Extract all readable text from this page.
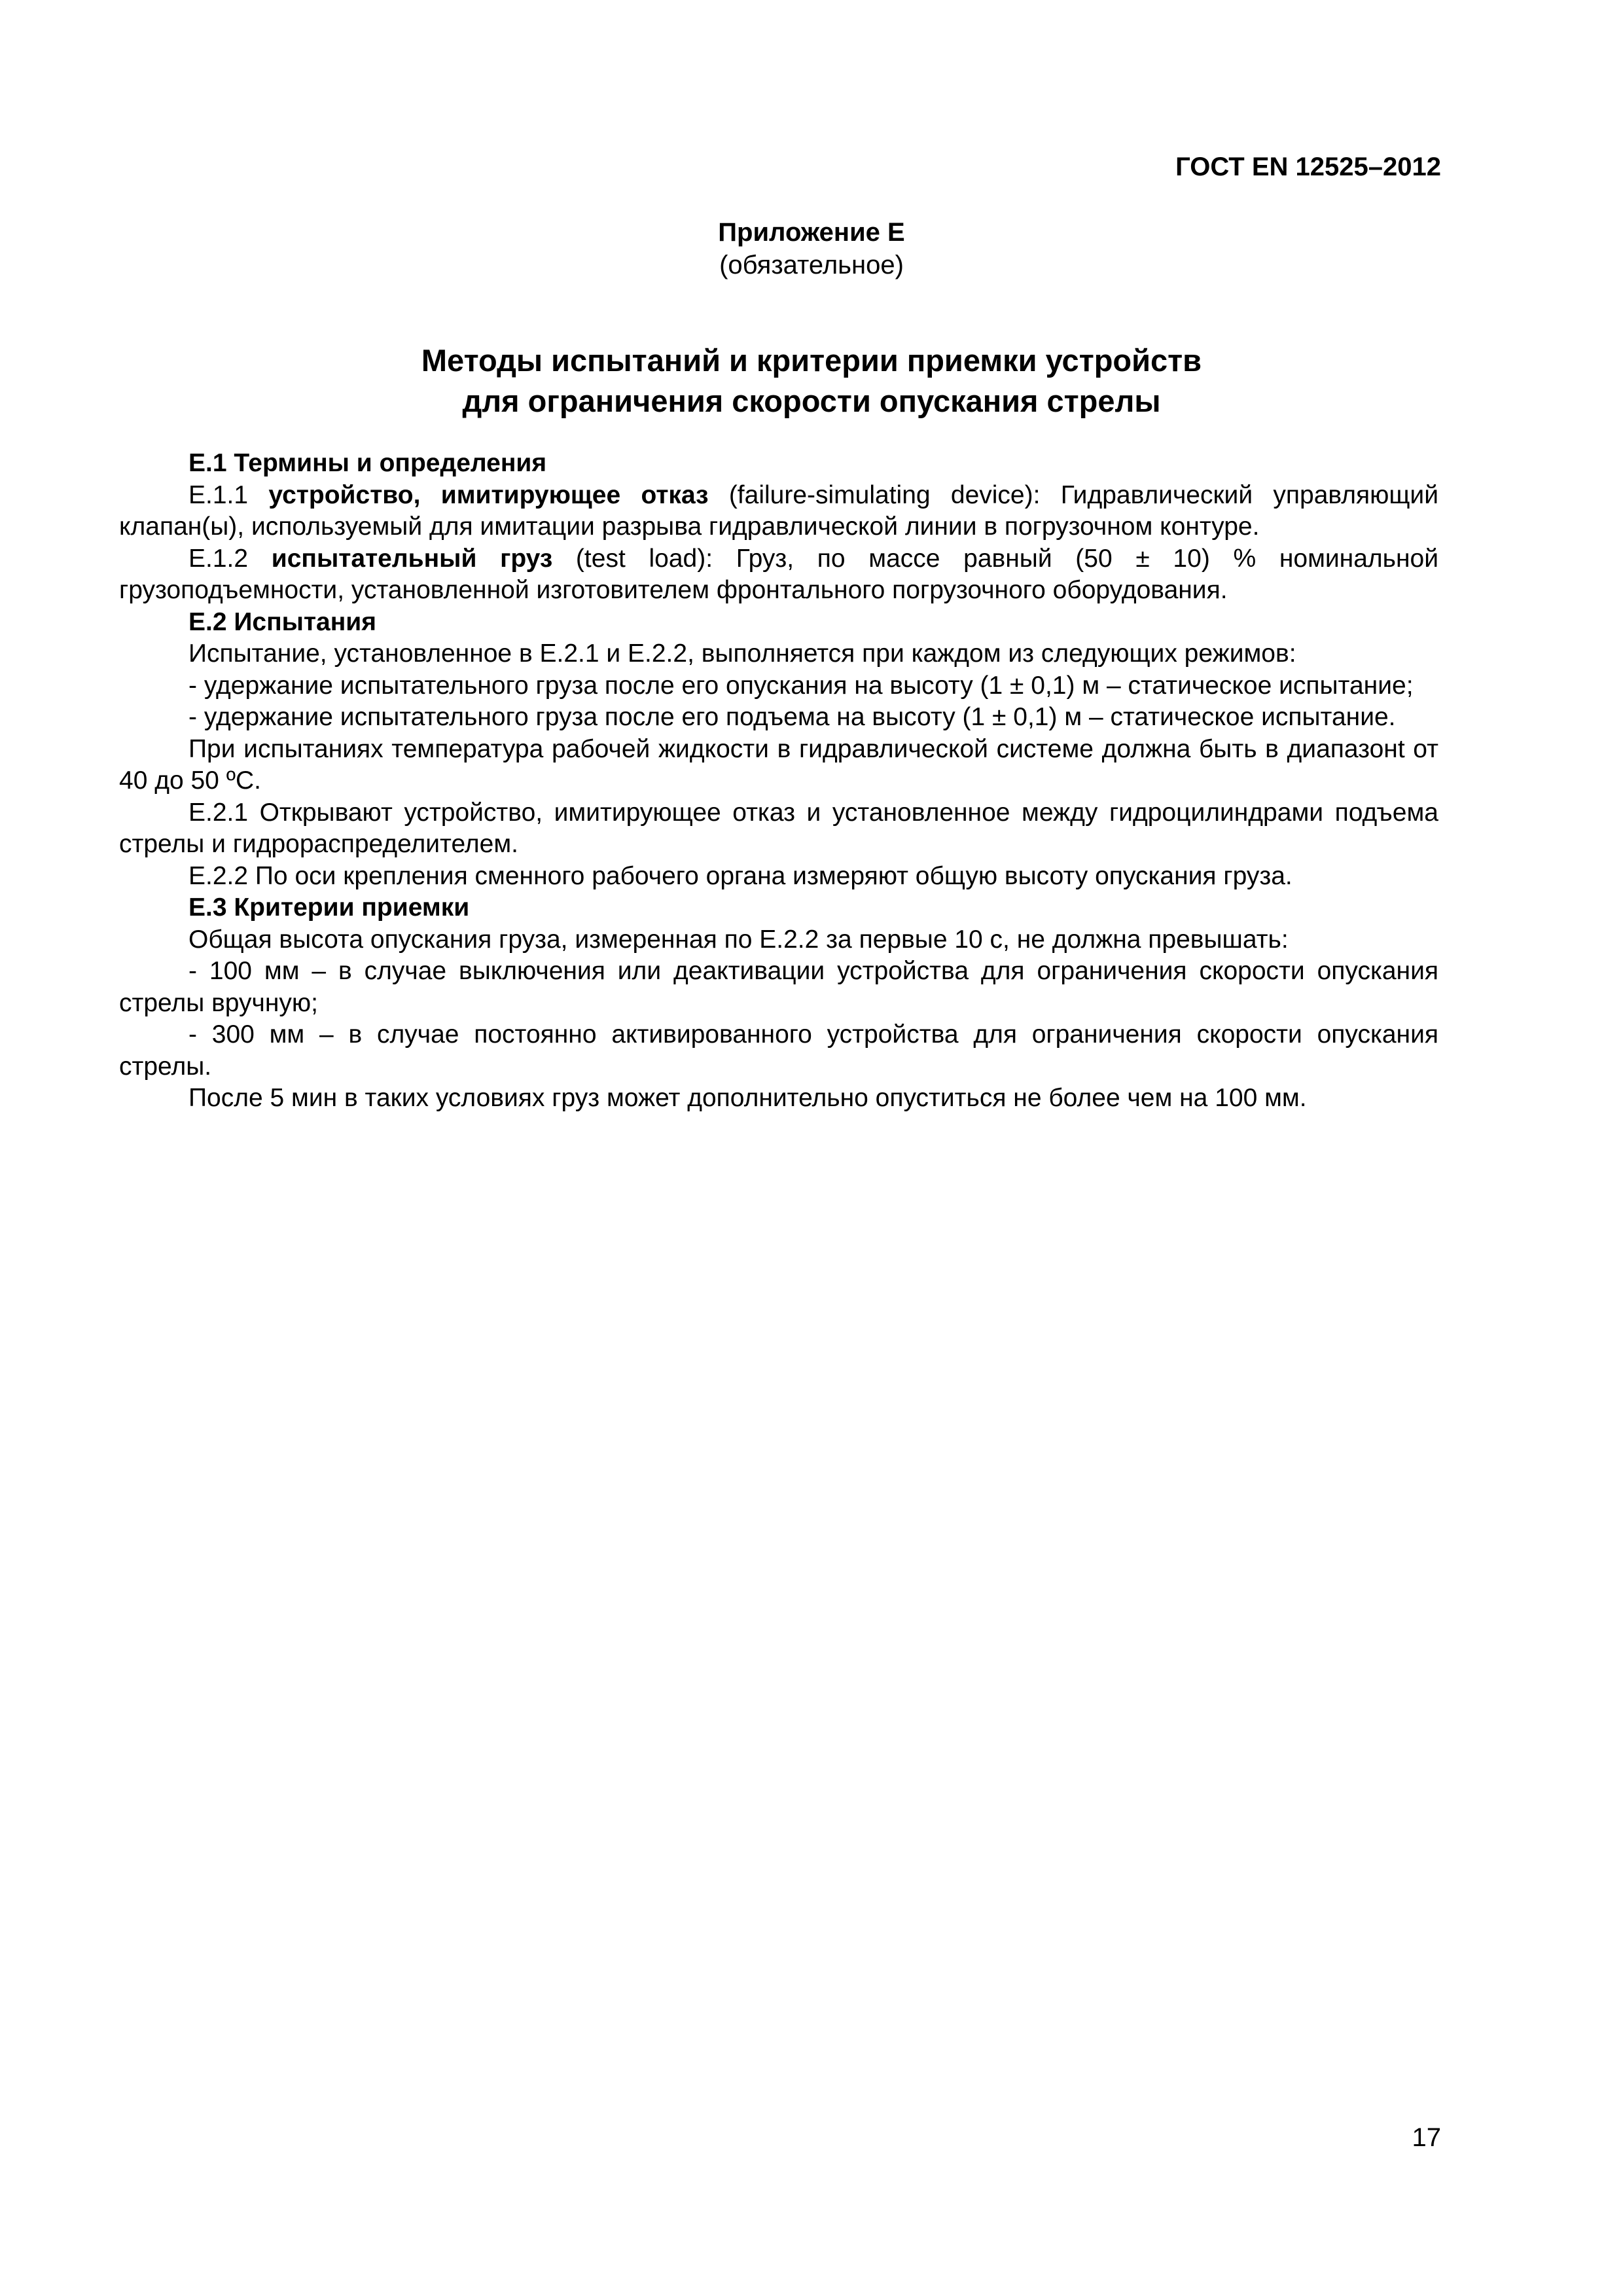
ГОСТ EN 12525–2012
Приложение Е
(обязательное)
Методы испытаний и критерии приемки устройств
для ограничения скорости опускания стрелы

Е.1 Термины и определения

Е.1.1 устройство, имитирующее отказ (failure-simulating device): Гидравлический управляющий клапан(ы), используемый для имитации разрыва гидравлической линии в погрузочном контуре.

Е.1.2 испытательный груз (test load): Груз, по массе равный (50 ± 10) % номинальной грузоподъемности, установленной изготовителем фронтального погрузочного оборудования.

Е.2 Испытания

Испытание, установленное в Е.2.1 и Е.2.2, выполняется при каждом из следующих режимов:

- удержание испытательного груза после его опускания на высоту (1 ± 0,1) м – статическое испытание;

- удержание испытательного груза после его подъема на высоту (1 ± 0,1) м – статическое испытание.

При испытаниях температура рабочей жидкости в гидравлической системе должна быть в диапазонt от 40 до 50 ºС.

Е.2.1 Открывают устройство, имитирующее отказ и установленное между гидроцилиндрами подъема стрелы и гидрораспределителем.

Е.2.2 По оси крепления сменного рабочего органа измеряют общую высоту опускания груза.

Е.3 Критерии приемки

Общая высота опускания груза, измеренная по Е.2.2 за первые 10 с, не должна превышать:

- 100 мм – в случае выключения или деактивации устройства для ограничения скорости опускания стрелы вручную;

- 300 мм – в случае постоянно активированного устройства для ограничения скорости опускания стрелы.

После 5 мин в таких условиях груз может дополнительно опуститься не более чем на 100 мм.

17
